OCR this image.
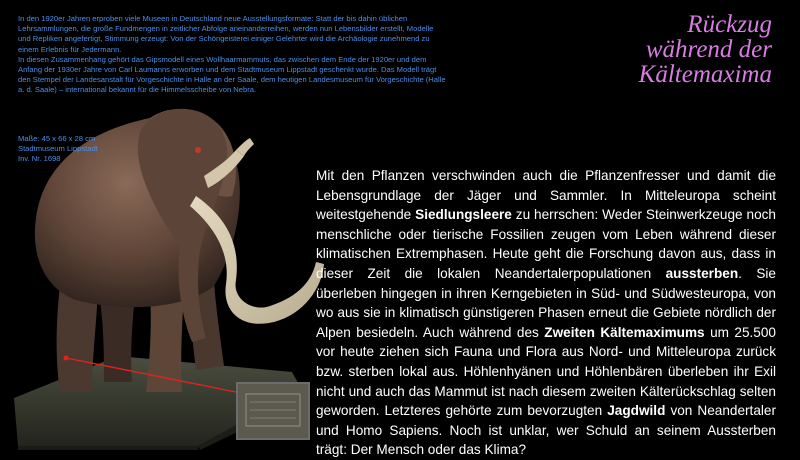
In den 1920er Jahren erproben viele Museen in Deutschland neue Ausstellungsformate: Statt der bis dahin üblichen Lehrsammlungen, die große Fundmengen in zeitlicher Abfolge aneinanderreihen, werden nun Lebensbilder erstellt, Modelle und Repliken angefertigt, Stimmung erzeugt: Von der Schöngeisterei einiger Gelehrter wird die Archäologie zunehmend zu einem Erlebnis für Jedermann.

In diesen Zusammenhang gehört das Gipsmodell eines Wollhaarmammuts, das zwischen dem Ende der 1920er und dem Anfang der 1930er Jahre von Carl Laumanns erworben und dem Stadtmuseum Lippstadt geschenkt wurde. Das Modell trägt den Stempel der Landesanstalt für Vorgeschichte in Halle an der Saale, dem heutigen Landesmuseum für Vorgeschichte (Halle a. d. Saale) – international bekannt für die Himmelsscheibe von Nebra.

Maße: 45 x 66 x 28 cm
Stadtmuseum Lippstadt
Inv. Nr. 1698
Rückzug
während der
Kältemaxima
Mit den Pflanzen verschwinden auch die Pflanzenfresser und damit die Lebensgrundlage der Jäger und Sammler. In Mitteleuropa scheint weitestgehende Siedlungsleere zu herrschen: Weder Steinwerkzeuge noch menschliche oder tierische Fossilien zeugen vom Leben während dieser klimatischen Extremphasen. Heute geht die Forschung davon aus, dass in dieser Zeit die lokalen Neandertalerpopulationen aussterben. Sie überleben hingegen in ihren Kerngebieten in Süd- und Südwesteuropa, von wo aus sie in klimatisch günstigeren Phasen erneut die Gebiete nördlich der Alpen besiedeln. Auch während des Zweiten Kältemaximums um 25.500 vor heute ziehen sich Fauna und Flora aus Nord- und Mitteleuropa zurück bzw. sterben lokal aus. Höhlenhyänen und Höhlenbären überleben ihr Exil nicht und auch das Mammut ist nach diesem zweiten Kälterückschlag selten geworden. Letzteres gehörte zum bevorzugten Jagdwild von Neandertaler und Homo Sapiens. Noch ist unklar, wer Schuld an seinem Aussterben trägt: Der Mensch oder das Klima?
